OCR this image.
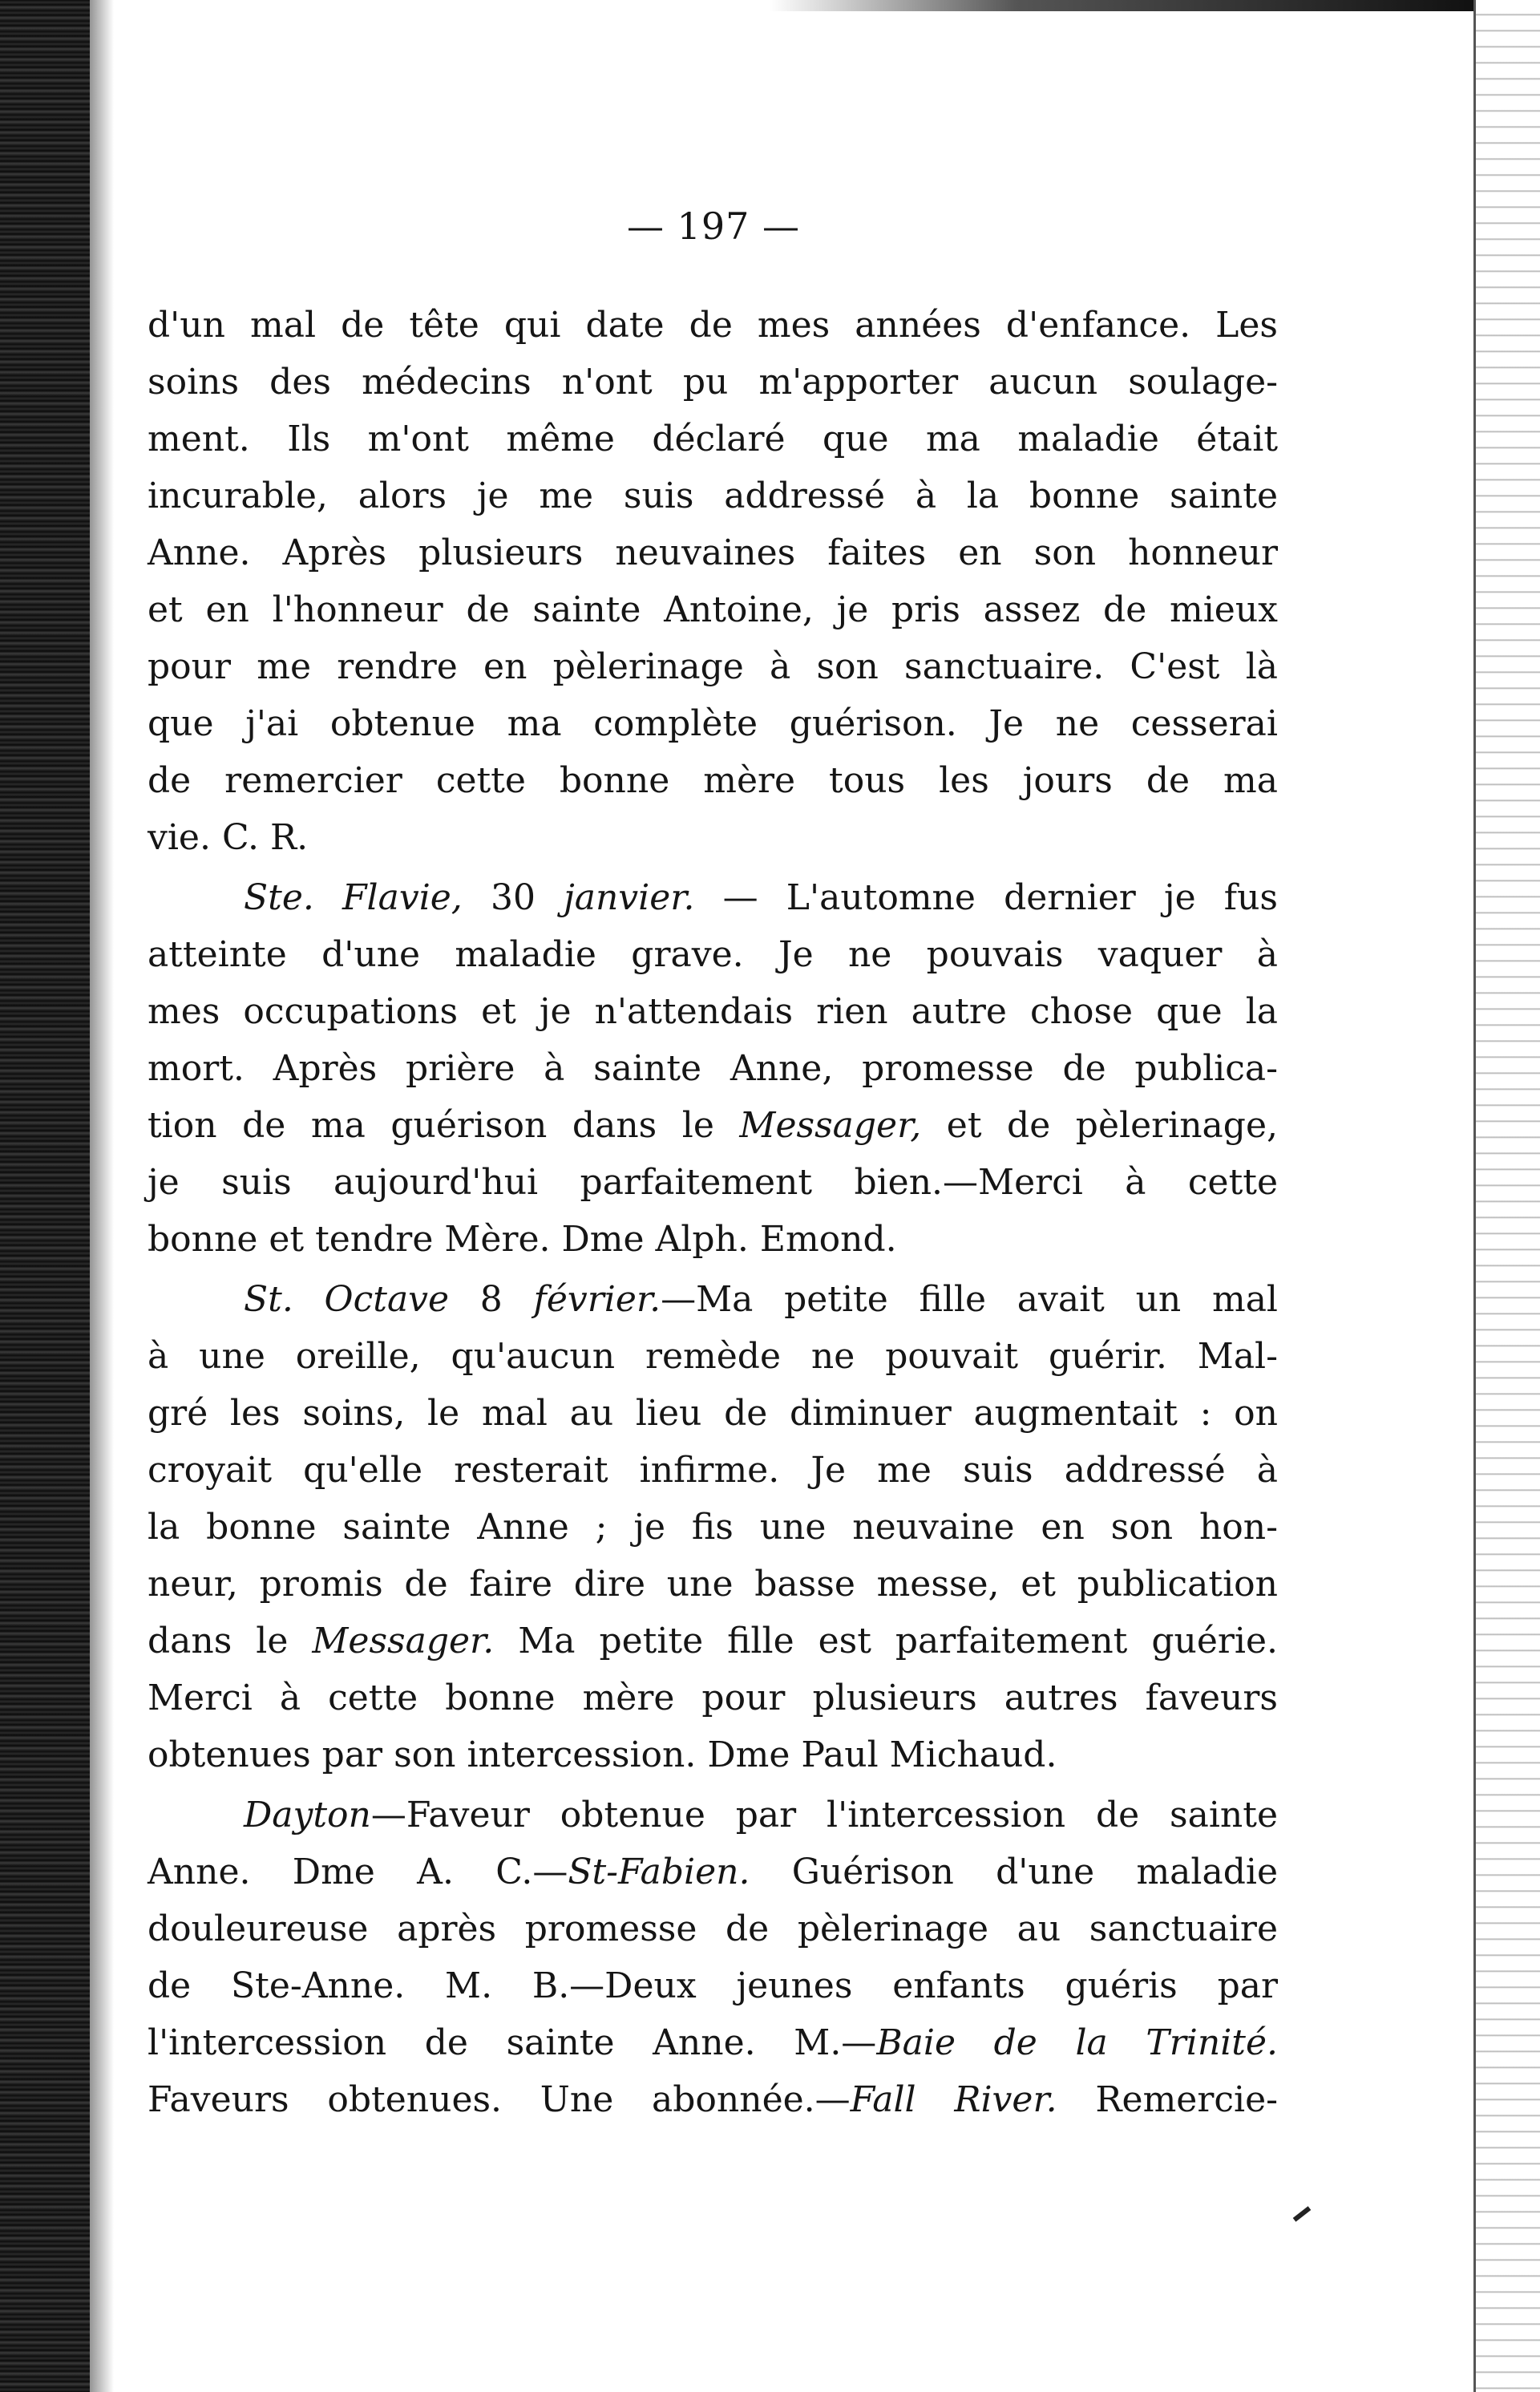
— 197 —
d'un mal de tête qui date de mes années d'enfance. Les
soins des médecins n'ont pu m'apporter aucun soulage-
ment. Ils m'ont même déclaré que ma maladie était
incurable, alors je me suis addressé à la bonne sainte
Anne. Après plusieurs neuvaines faites en son honneur
et en l'honneur de sainte Antoine, je pris assez de mieux
pour me rendre en pèlerinage à son sanctuaire. C'est là
que j'ai obtenue ma complète guérison. Je ne cesserai
de remercier cette bonne mère tous les jours de ma
vie. C. R.
Ste. Flavie, 30 janvier. — L'automne dernier je fus
atteinte d'une maladie grave. Je ne pouvais vaquer à
mes occupations et je n'attendais rien autre chose que la
mort. Après prière à sainte Anne, promesse de publica-
tion de ma guérison dans le Messager, et de pèlerinage,
je suis aujourd'hui parfaitement bien.—Merci à cette
bonne et tendre Mère. Dme Alph. Emond.
St. Octave 8 février.—Ma petite fille avait un mal
à une oreille, qu'aucun remède ne pouvait guérir. Mal-
gré les soins, le mal au lieu de diminuer augmentait : on
croyait qu'elle resterait infirme. Je me suis addressé à
la bonne sainte Anne ; je fis une neuvaine en son hon-
neur, promis de faire dire une basse messe, et publication
dans le Messager. Ma petite fille est parfaitement guérie.
Merci à cette bonne mère pour plusieurs autres faveurs
obtenues par son intercession. Dme Paul Michaud.
Dayton—Faveur obtenue par l'intercession de sainte
Anne. Dme A. C.—St-Fabien. Guérison d'une maladie
douleureuse après promesse de pèlerinage au sanctuaire
de Ste-Anne. M. B.—Deux jeunes enfants guéris par
l'intercession de sainte Anne. M.—Baie de la Trinité.
Faveurs obtenues. Une abonnée.—Fall River. Remercie-
